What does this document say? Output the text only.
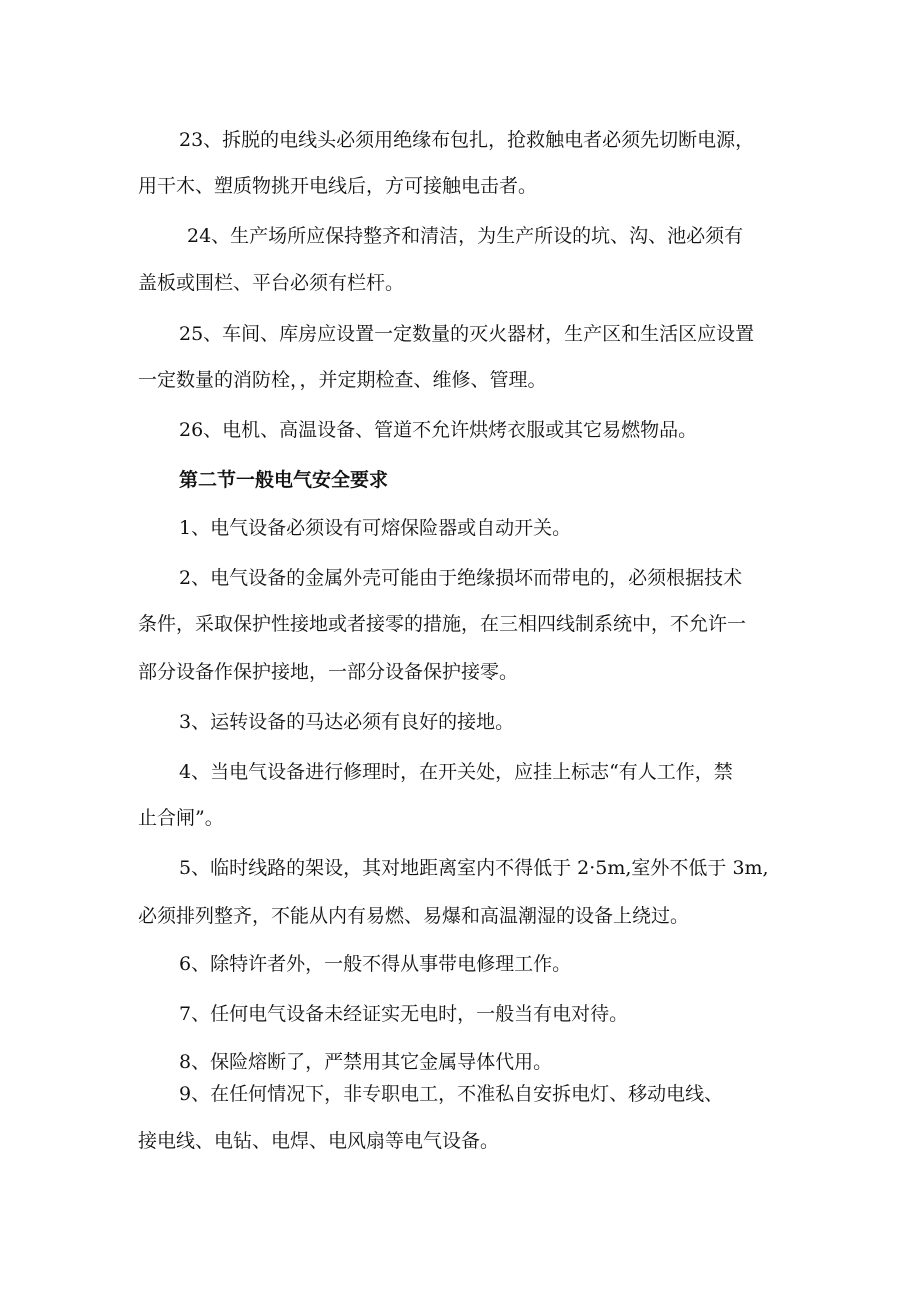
23、拆脱的电线头必须用绝缘布包扎，抢救触电者必须先切断电源，
用干木、塑质物挑开电线后，方可接触电击者。
24、生产场所应保持整齐和清洁，为生产所设的坑、沟、池必须有
盖板或围栏、平台必须有栏杆。
25、车间、库房应设置一定数量的灭火器材，生产区和生活区应设置
一定数量的消防栓，，并定期检查、维修、管理。
26、电机、高温设备、管道不允许烘烤衣服或其它易燃物品。
第二节一般电气安全要求
1、电气设备必须设有可熔保险器或自动开关。
2、电气设备的金属外壳可能由于绝缘损坏而带电的，必须根据技术
条件，采取保护性接地或者接零的措施，在三相四线制系统中，不允许一
部分设备作保护接地，一部分设备保护接零。
3、运转设备的马达必须有良好的接地。
4、当电气设备进行修理时，在开关处，应挂上标志“有人工作，禁
止合闸”。
5、临时线路的架设，其对地距离室内不得低于 2·5m,室外不低于 3m,
必须排列整齐，不能从内有易燃、易爆和高温潮湿的设备上绕过。
6、除特许者外，一般不得从事带电修理工作。
7、任何电气设备未经证实无电时，一般当有电对待。
8、保险熔断了，严禁用其它金属导体代用。
9、在任何情况下，非专职电工，不准私自安拆电灯、移动电线、
接电线、电钻、电焊、电风扇等电气设备。
